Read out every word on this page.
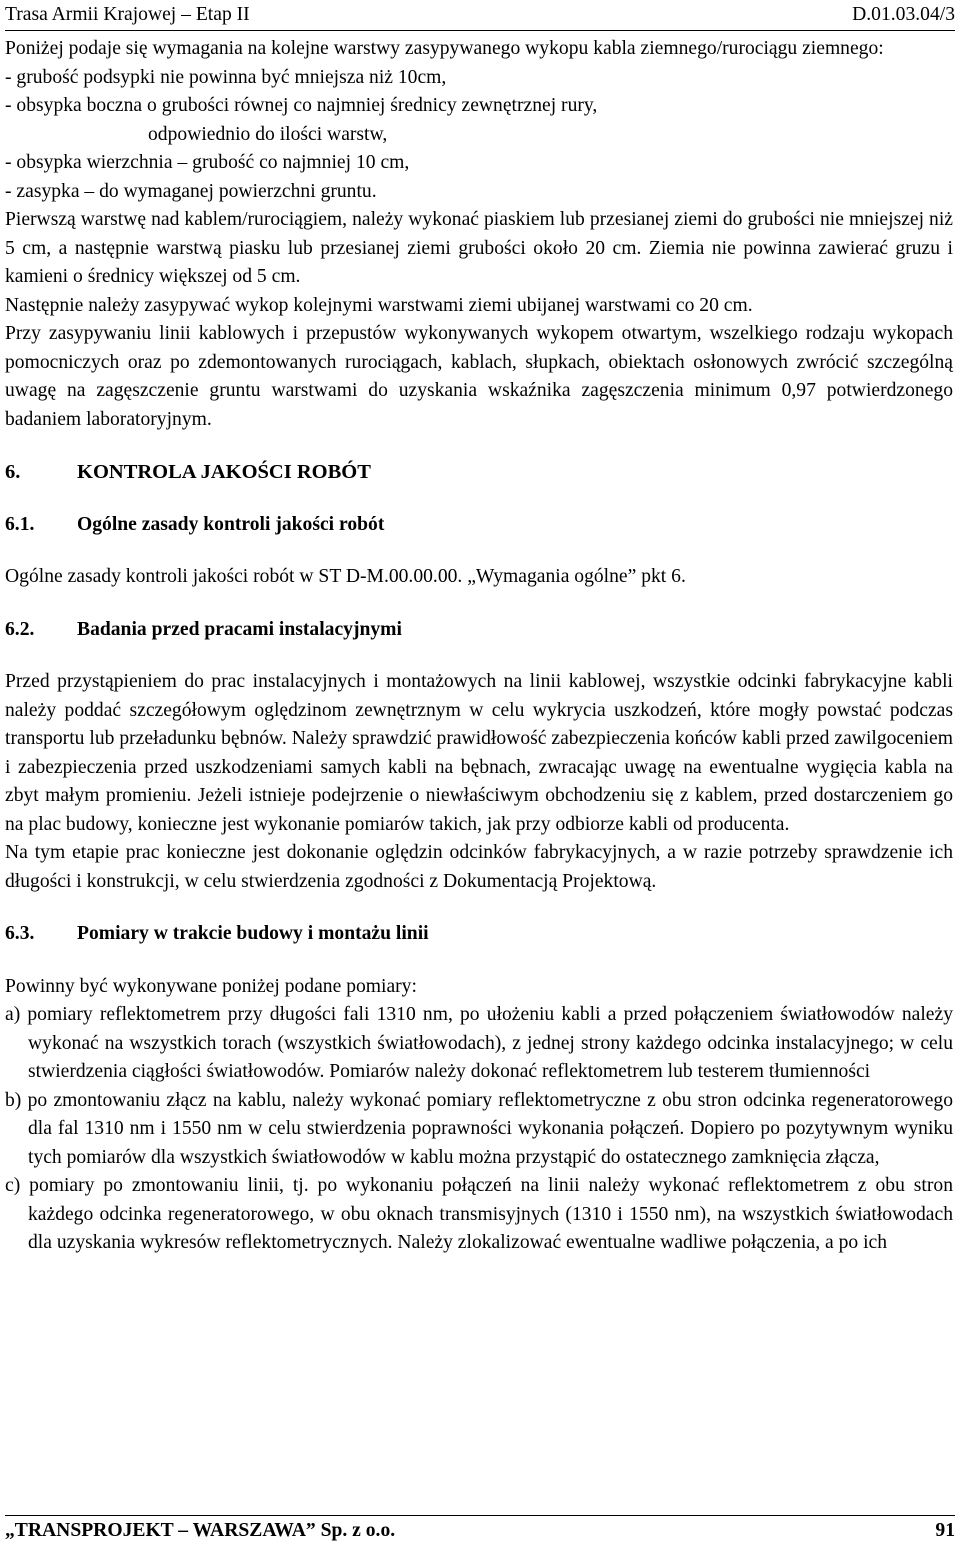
Trasa Armii Krajowej – Etap II	D.01.03.04/3

Poniżej podaje się wymagania na kolejne warstwy zasypywanego wykopu kabla ziemnego/rurociągu ziemnego:

- grubość podsypki nie powinna być mniejsza niż 10cm,

- obsypka boczna o grubości równej co najmniej średnicy zewnętrznej rury,

odpowiednio do ilości warstw,

- obsypka wierzchnia – grubość co najmniej 10 cm,

- zasypka – do wymaganej powierzchni gruntu.

Pierwszą warstwę nad kablem/rurociągiem, należy wykonać piaskiem lub przesianej ziemi do grubości nie mniejszej niż 5 cm, a następnie warstwą piasku lub przesianej ziemi grubości około 20 cm. Ziemia nie powinna zawierać gruzu i kamieni o średnicy większej od 5 cm.

Następnie należy zasypywać wykop kolejnymi warstwami ziemi ubijanej warstwami co 20 cm.

Przy zasypywaniu linii kablowych i przepustów wykonywanych wykopem otwartym, wszelkiego rodzaju wykopach pomocniczych oraz po zdemontowanych rurociągach, kablach, słupkach, obiektach osłonowych zwrócić szczególną uwagę na zagęszczenie gruntu warstwami do uzyskania wskaźnika zagęszczenia minimum 0,97 potwierdzonego badaniem laboratoryjnym.

6.	KONTROLA JAKOŚCI ROBÓT
6.1. Ogólne zasady kontroli jakości robót

Ogólne zasady kontroli jakości robót w ST D-M.00.00.00. „Wymagania ogólne” pkt 6.

6.2. Badania przed pracami instalacyjnymi

Przed przystąpieniem do prac instalacyjnych i montażowych na linii kablowej, wszystkie odcinki fabrykacyjne kabli należy poddać szczegółowym oględzinom zewnętrznym w celu wykrycia uszkodzeń, które mogły powstać podczas transportu lub przeładunku bębnów. Należy sprawdzić prawidłowość zabezpieczenia końców kabli przed zawilgoceniem i zabezpieczenia przed uszkodzeniami samych kabli na bębnach, zwracając uwagę na ewentualne wygięcia kabla na zbyt małym promieniu. Jeżeli istnieje podejrzenie o niewłaściwym obchodzeniu się z kablem, przed dostarczeniem go na plac budowy, konieczne jest wykonanie pomiarów takich, jak przy odbiorze kabli od producenta.

Na tym etapie prac konieczne jest dokonanie oględzin odcinków fabrykacyjnych, a w razie potrzeby sprawdzenie ich długości i konstrukcji, w celu stwierdzenia zgodności z Dokumentacją Projektową.

6.3. Pomiary w trakcie budowy i montażu linii

Powinny być wykonywane poniżej podane pomiary:

a) pomiary reflektometrem przy długości fali 1310 nm, po ułożeniu kabli a przed połączeniem światłowodów należy wykonać na wszystkich torach (wszystkich światłowodach), z jednej strony każdego odcinka instalacyjnego; w celu stwierdzenia ciągłości światłowodów. Pomiarów należy dokonać reflektometrem lub testerem tłumienności

b) po zmontowaniu złącz na kablu, należy wykonać pomiary reflektometryczne z obu stron odcinka regeneratorowego dla fal 1310 nm i 1550 nm w celu stwierdzenia poprawności wykonania połączeń. Dopiero po pozytywnym wyniku tych pomiarów dla wszystkich światłowodów w kablu można przystąpić do ostatecznego zamknięcia złącza,

c) pomiary po zmontowaniu linii, tj. po wykonaniu połączeń na linii należy wykonać reflektometrem z obu stron każdego odcinka regeneratorowego, w obu oknach transmisyjnych (1310 i 1550 nm), na wszystkich światłowodach dla uzyskania wykresów reflektometrycznych. Należy zlokalizować ewentualne wadliwe połączenia, a po ich

„TRANSPROJEKT – WARSZAWA” Sp. z o.o.	91
